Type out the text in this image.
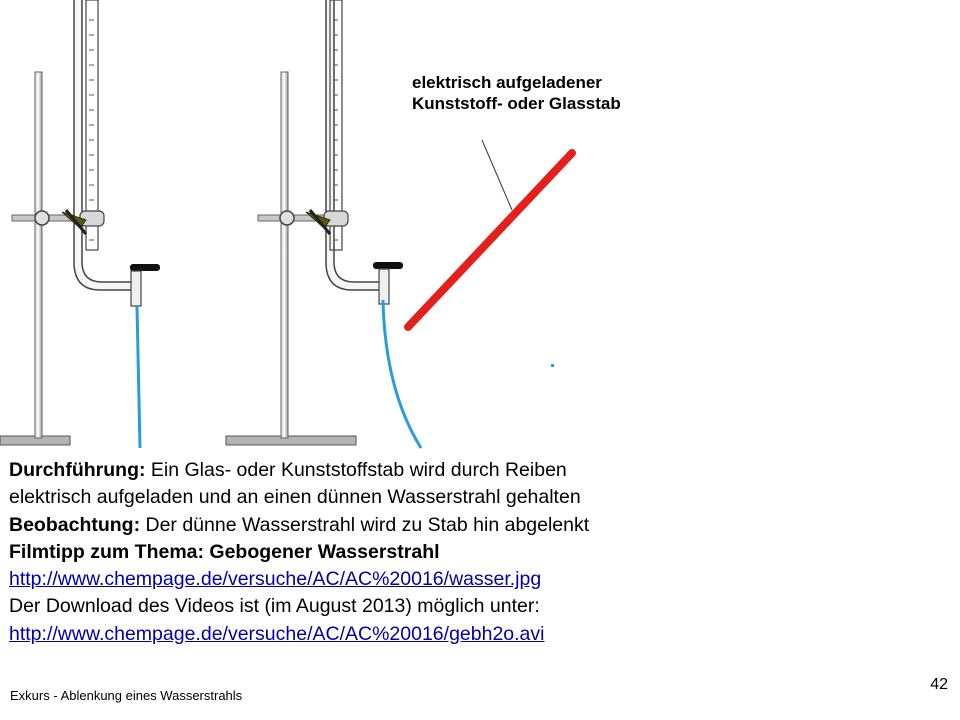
elektrisch aufgeladener
Kunststoff- oder Glasstab
Durchführung: Ein Glas- oder Kunststoffstab wird durch Reiben
elektrisch aufgeladen und an einen dünnen Wasserstrahl gehalten
Beobachtung: Der dünne Wasserstrahl wird zu Stab hin abgelenkt
Filmtipp zum Thema: Gebogener Wasserstrahl
http://www.chempage.de/versuche/AC/AC%20016/wasser.jpg
Der Download des Videos ist (im August 2013) möglich unter:
http://www.chempage.de/versuche/AC/AC%20016/gebh2o.avi
Exkurs - Ablenkung eines Wasserstrahls
42
